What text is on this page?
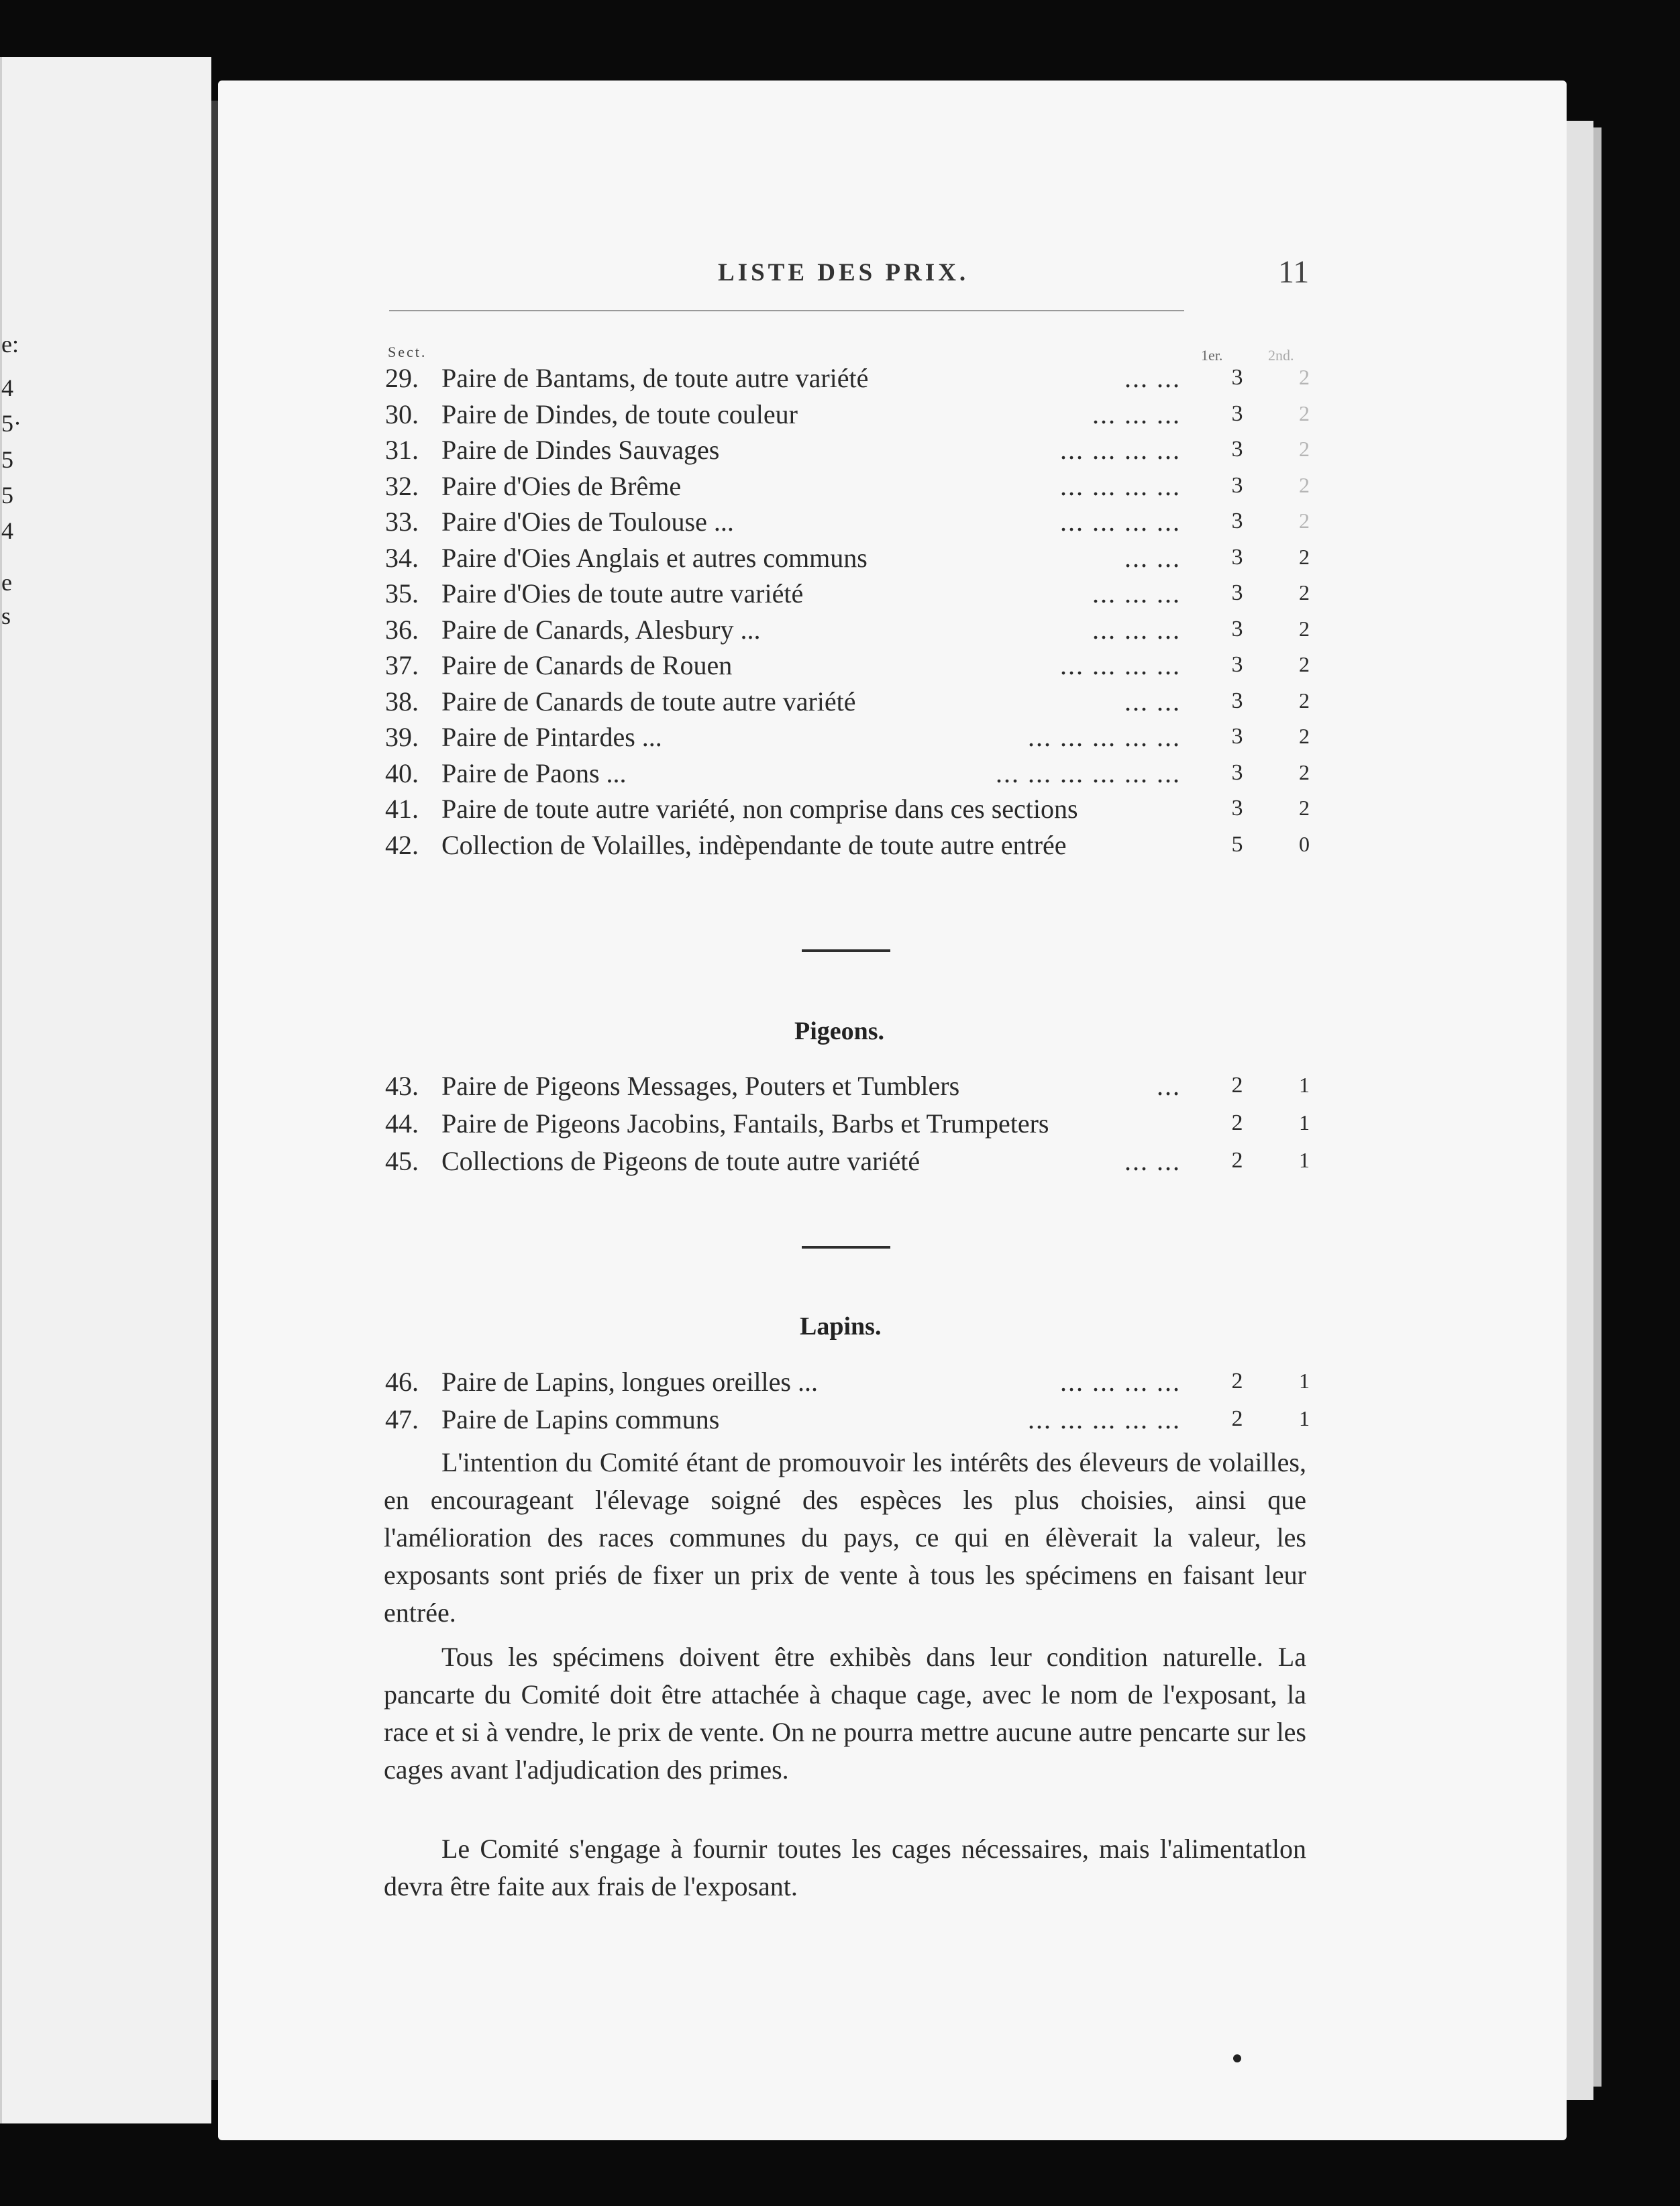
e:
4
5·
5
5
4
e
s
LISTE DES PRIX.	11
Sect.	1er.	2nd.
29. Paire de Bantams, de toute autre variété	... ...	3	2
30. Paire de Dindes, de toute couleur	... ... ...	3	2
31. Paire de Dindes Sauvages	... ... ... ...	3	2
32. Paire d'Oies de Brême	... ... ... ...	3	2
33. Paire d'Oies de Toulouse ...	... ... ... ...	3	2
34. Paire d'Oies Anglais et autres communs	... ...	3	2
35. Paire d'Oies de toute autre variété	... ... ...	3	2
36. Paire de Canards, Alesbury ...	... ... ...	3	2
37. Paire de Canards de Rouen	... ... ... ...	3	2
38. Paire de Canards de toute autre variété	... ...	3	2
39. Paire de Pintardes ...	... ... ... ... ...	3	2
40. Paire de Paons ...	... ... ... ... ... ...	3	2
41. Paire de toute autre variété, non comprise dans ces sections	3	2
42. Collection de Volailles, indèpendante de toute autre entrée	5	0
Pigeons.
43. Paire de Pigeons Messages, Pouters et Tumblers	...	2	1
44. Paire de Pigeons Jacobins, Fantails, Barbs et Trumpeters	2	1
45. Collections de Pigeons de toute autre variété	... ...	2	1
Lapins.
46. Paire de Lapins, longues oreilles ...	... ... ... ...	2	1
47. Paire de Lapins communs	... ... ... ... ...	2	1
L'intention du Comité étant de promouvoir les intérêts des éleveurs de volailles, en encourageant l'élevage soigné des espèces les plus choisies, ainsi que l'amélioration des races communes du pays, ce qui en élèverait la valeur, les exposants sont priés de fixer un prix de vente à tous les spécimens en faisant leur entrée.
Tous les spécimens doivent être exhibès dans leur condition naturelle. La pancarte du Comité doit être attachée à chaque cage, avec le nom de l'exposant, la race et si à vendre, le prix de vente. On ne pourra mettre aucune autre pencarte sur les cages avant l'adjudication des primes.
Le Comité s'engage à fournir toutes les cages nécessaires, mais l'alimentatlon devra être faite aux frais de l'exposant.
